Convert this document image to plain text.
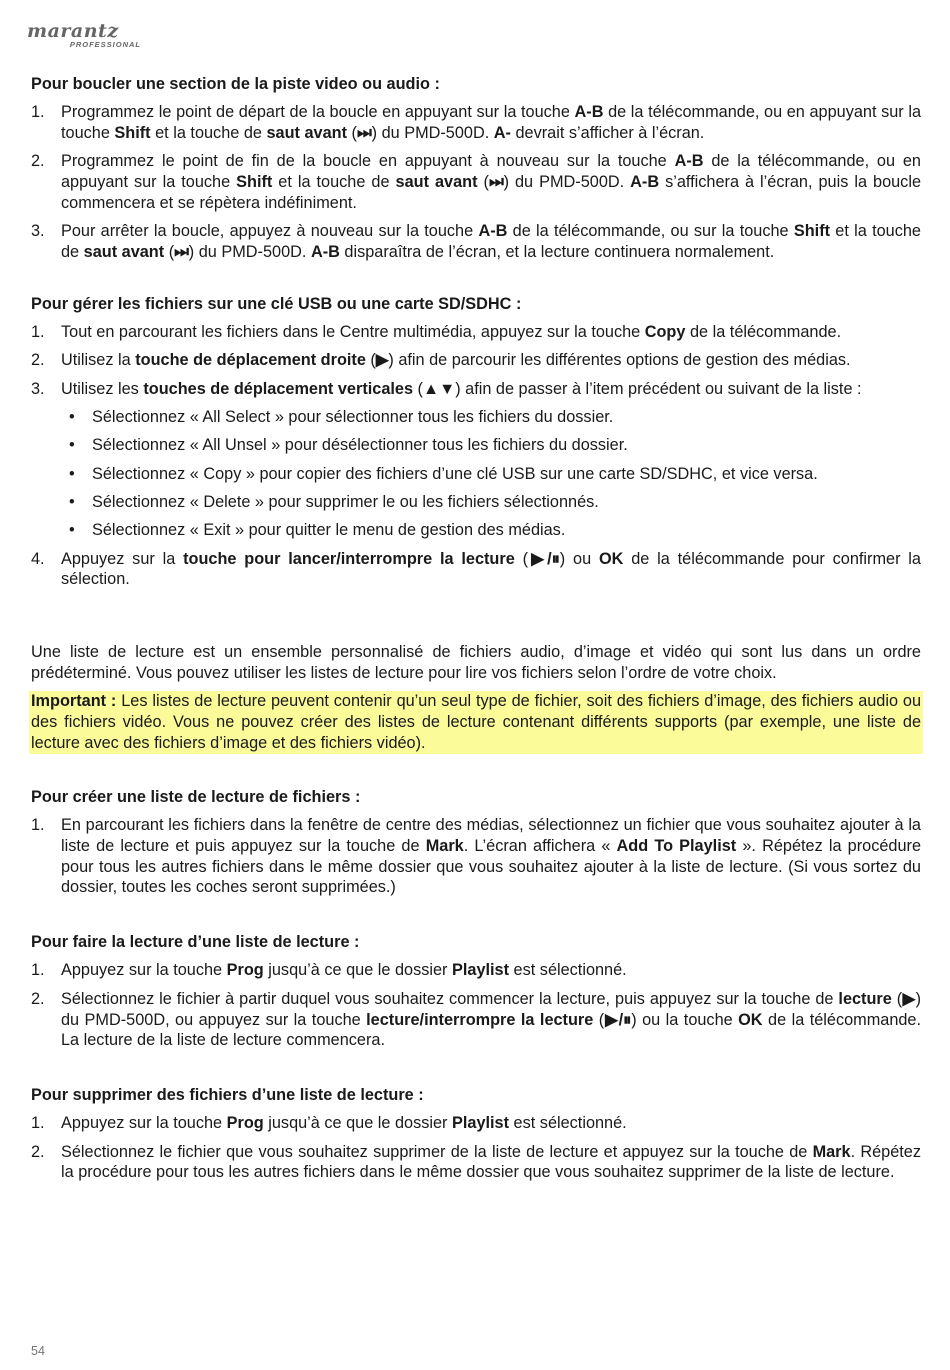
marantz
PROFESSIONAL

Pour boucler une section de la piste video ou audio :

1. Programmez le point de départ de la boucle en appuyant sur la touche A-B de la télécommande, ou en appuyant sur la touche Shift et la touche de saut avant (⏭) du PMD-500D. A- devrait s’afficher à l’écran.
2. Programmez le point de fin de la boucle en appuyant à nouveau sur la touche A-B de la télécommande, ou en appuyant sur la touche Shift et la touche de saut avant (⏭) du PMD-500D. A-B s’affichera à l’écran, puis la boucle commencera et se répètera indéfiniment.
3. Pour arrêter la boucle, appuyez à nouveau sur la touche A-B de la télécommande, ou sur la touche Shift et la touche de saut avant (⏭) du PMD-500D. A-B disparaîtra de l’écran, et la lecture continuera normalement.

Pour gérer les fichiers sur une clé USB ou une carte SD/SDHC :

1. Tout en parcourant les fichiers dans le Centre multimédia, appuyez sur la touche Copy de la télécommande.
2. Utilisez la touche de déplacement droite (▶) afin de parcourir les différentes options de gestion des médias.
3. Utilisez les touches de déplacement verticales (▲▼) afin de passer à l’item précédent ou suivant de la liste :
• Sélectionnez « All Select » pour sélectionner tous les fichiers du dossier.
• Sélectionnez « All Unsel » pour désélectionner tous les fichiers du dossier.
• Sélectionnez « Copy » pour copier des fichiers d’une clé USB sur une carte SD/SDHC, et vice versa.
• Sélectionnez « Delete » pour supprimer le ou les fichiers sélectionnés.
• Sélectionnez « Exit » pour quitter le menu de gestion des médias.
4. Appuyez sur la touche pour lancer/interrompre la lecture (▶/⏸) ou OK de la télécommande pour confirmer la sélection.

Une liste de lecture est un ensemble personnalisé de fichiers audio, d’image et vidéo qui sont lus dans un ordre prédéterminé. Vous pouvez utiliser les listes de lecture pour lire vos fichiers selon l’ordre de votre choix.

Important : Les listes de lecture peuvent contenir qu’un seul type de fichier, soit des fichiers d’image, des fichiers audio ou des fichiers vidéo. Vous ne pouvez créer des listes de lecture contenant différents supports (par exemple, une liste de lecture avec des fichiers d’image et des fichiers vidéo).

Pour créer une liste de lecture de fichiers :

1. En parcourant les fichiers dans la fenêtre de centre des médias, sélectionnez un fichier que vous souhaitez ajouter à la liste de lecture et puis appuyez sur la touche de Mark. L’écran affichera « Add To Playlist ». Répétez la procédure pour tous les autres fichiers dans le même dossier que vous souhaitez ajouter à la liste de lecture. (Si vous sortez du dossier, toutes les coches seront supprimées.)

Pour faire la lecture d’une liste de lecture :

1. Appuyez sur la touche Prog jusqu’à ce que le dossier Playlist est sélectionné.
2. Sélectionnez le fichier à partir duquel vous souhaitez commencer la lecture, puis appuyez sur la touche de lecture (▶) du PMD-500D, ou appuyez sur la touche lecture/interrompre la lecture (▶/⏸) ou la touche OK de la télécommande. La lecture de la liste de lecture commencera.

Pour supprimer des fichiers d’une liste de lecture :

1. Appuyez sur la touche Prog jusqu’à ce que le dossier Playlist est sélectionné.
2. Sélectionnez le fichier que vous souhaitez supprimer de la liste de lecture et appuyez sur la touche de Mark. Répétez la procédure pour tous les autres fichiers dans le même dossier que vous souhaitez supprimer de la liste de lecture.
54
